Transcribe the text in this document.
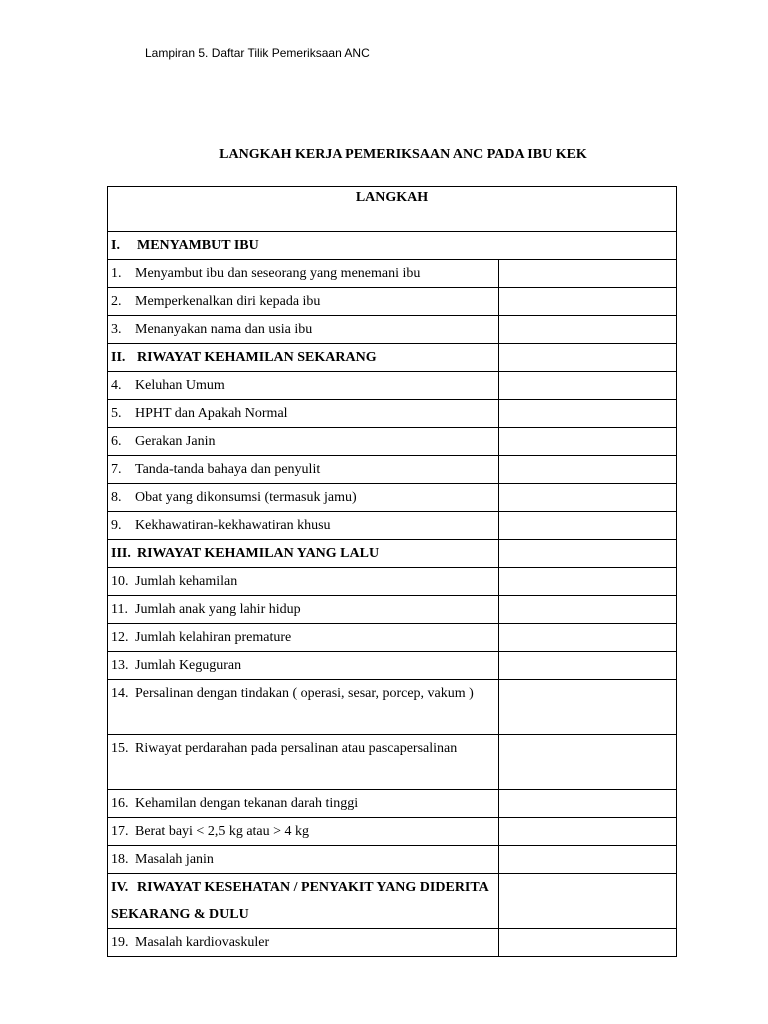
Lampiran 5. Daftar Tilik Pemeriksaan ANC
LANGKAH KERJA PEMERIKSAAN ANC PADA IBU KEK
LANGKAH	
I. MENYAMBUT IBU	
1. Menyambut ibu dan seseorang yang menemani ibu	
2. Memperkenalkan diri kepada ibu	
3. Menanyakan nama dan usia ibu	
II. RIWAYAT KEHAMILAN SEKARANG	
4. Keluhan Umum	
5. HPHT dan Apakah Normal	
6. Gerakan Janin	
7. Tanda-tanda bahaya dan penyulit	
8. Obat yang dikonsumsi (termasuk jamu)	
9. Kekhawatiran-kekhawatiran khusu	
III. RIWAYAT KEHAMILAN YANG LALU	
10. Jumlah kehamilan	
11. Jumlah anak yang lahir hidup	
12. Jumlah kelahiran premature	
13. Jumlah Keguguran	
14. Persalinan dengan tindakan ( operasi, sesar, porcep, vakum )	
15. Riwayat perdarahan pada persalinan atau pascapersalinan	
16. Kehamilan dengan tekanan darah tinggi	
17. Berat bayi < 2,5 kg atau > 4 kg	
18. Masalah janin	
IV. RIWAYAT KESEHATAN / PENYAKIT YANG DIDERITA SEKARANG & DULU	
19. Masalah kardiovaskuler	
